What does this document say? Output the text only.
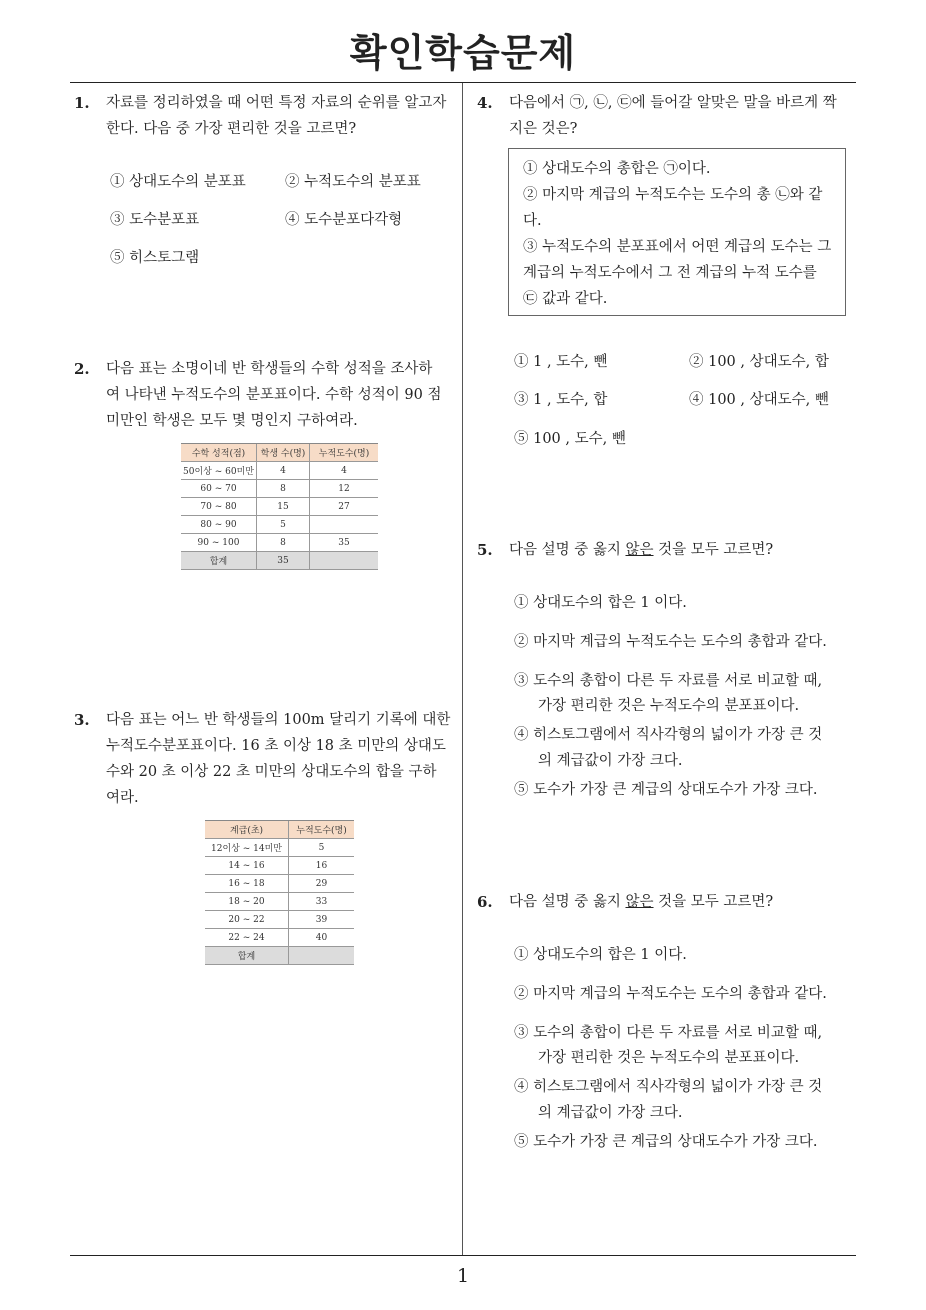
확인학습문제
1. 자료를 정리하였을 때 어떤 특정 자료의 순위를 알고자
한다. 다음 중 가장 편리한 것을 고르면?
① 상대도수의 분포표	② 누적도수의 분포표
③ 도수분포표	④ 도수분포다각형
⑤ 히스토그램
2. 다음 표는 소명이네 반 학생들의 수학 성적을 조사하
여 나타낸 누적도수의 분포표이다. 수학 성적이 90 점
미만인 학생은 모두 몇 명인지 구하여라.
수학 성적(점)	학생 수(명)	누적도수(명)
50이상 ~ 60미만	4	4
60 ~ 70	8	12
70 ~ 80	15	27
80 ~ 90	5	
90 ~ 100	8	35
합계	35	
3. 다음 표는 어느 반 학생들의 100m 달리기 기록에 대한
누적도수분포표이다. 16 초 이상 18 초 미만의 상대도
수와 20 초 이상 22 초 미만의 상대도수의 합을 구하
여라.
계급(초)	누적도수(명)
12이상 ~ 14미만	5
14 ~ 16	16
16 ~ 18	29
18 ~ 20	33
20 ~ 22	39
22 ~ 24	40
합계	
4. 다음에서 ㉠, ㉡, ㉢에 들어갈 알맞은 말을 바르게 짝
지은 것은?
① 상대도수의 총합은 ㉠이다.
② 마지막 계급의 누적도수는 도수의 총 ㉡와 같
다.
③ 누적도수의 분포표에서 어떤 계급의 도수는 그
계급의 누적도수에서 그 전 계급의 누적 도수를
㉢ 값과 같다.
① 1 , 도수, 뺀	② 100 , 상대도수, 합
③ 1 , 도수, 합	④ 100 , 상대도수, 뺀
⑤ 100 , 도수, 뺀
5. 다음 설명 중 옳지 않은 것을 모두 고르면?
① 상대도수의 합은 1 이다.
② 마지막 계급의 누적도수는 도수의 총합과 같다.
③ 도수의 총합이 다른 두 자료를 서로 비교할 때,
가장 편리한 것은 누적도수의 분포표이다.
④ 히스토그램에서 직사각형의 넓이가 가장 큰 것
의 계급값이 가장 크다.
⑤ 도수가 가장 큰 계급의 상대도수가 가장 크다.
6. 다음 설명 중 옳지 않은 것을 모두 고르면?
① 상대도수의 합은 1 이다.
② 마지막 계급의 누적도수는 도수의 총합과 같다.
③ 도수의 총합이 다른 두 자료를 서로 비교할 때,
가장 편리한 것은 누적도수의 분포표이다.
④ 히스토그램에서 직사각형의 넓이가 가장 큰 것
의 계급값이 가장 크다.
⑤ 도수가 가장 큰 계급의 상대도수가 가장 크다.
1
